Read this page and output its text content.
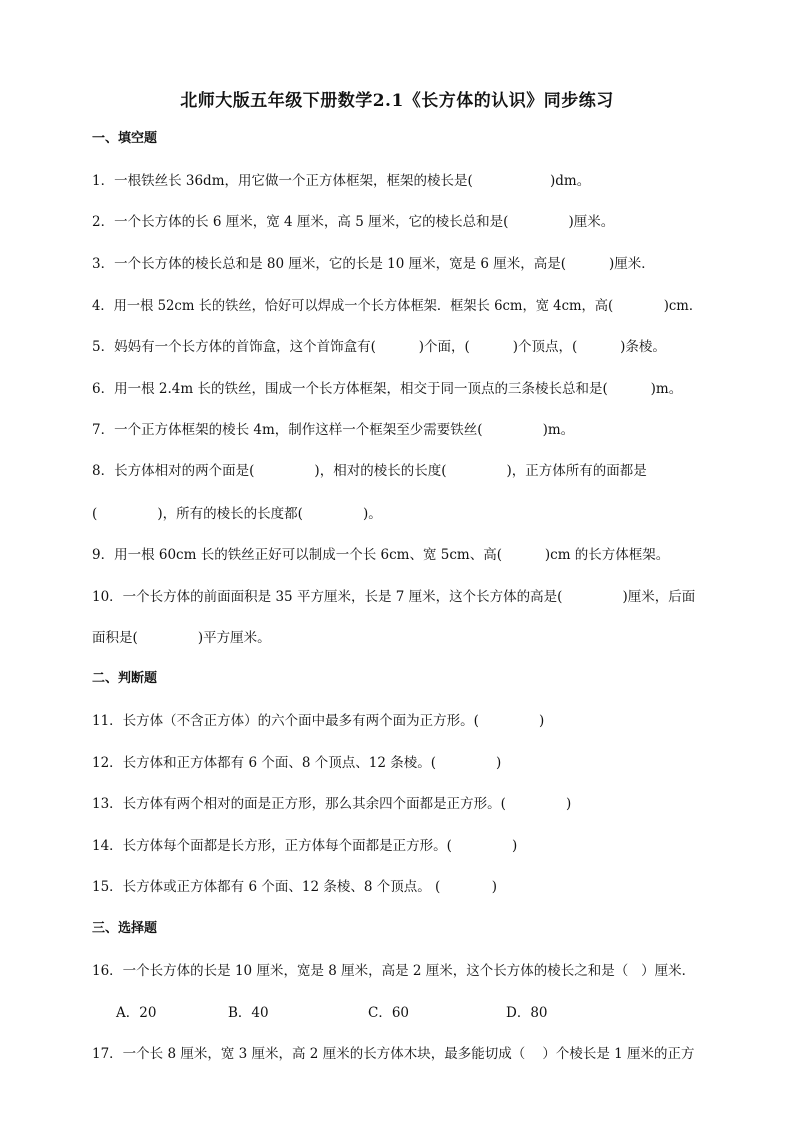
北师大版五年级下册数学2.1《长方体的认识》同步练习
一、填空题
1．一根铁丝长 36dm，用它做一个正方体框架，框架的棱长是(                  )dm。
2．一个长方体的长 6 厘米，宽 4 厘米，高 5 厘米，它的棱长总和是(              )厘米。
3．一个长方体的棱长总和是 80 厘米，它的长是 10 厘米，宽是 6 厘米，高是(          )厘米．
4．用一根 52cm 长的铁丝，恰好可以焊成一个长方体框架．框架长 6cm，宽 4cm，高(            )cm．
5．妈妈有一个长方体的首饰盒，这个首饰盒有(          )个面，(          )个顶点，(          )条棱。
6．用一根 2.4m 长的铁丝，围成一个长方体框架，相交于同一顶点的三条棱长总和是(          )m。
7．一个正方体框架的棱长 4m，制作这样一个框架至少需要铁丝(              )m。
8．长方体相对的两个面是(              )，相对的棱长的长度(              )，正方体所有的面都是
(              )，所有的棱长的长度都(              )。
9．用一根 60cm 长的铁丝正好可以制成一个长 6cm、宽 5cm、高(          )cm 的长方体框架。
10．一个长方体的前面面积是 35 平方厘米，长是 7 厘米，这个长方体的高是(              )厘米，后面
面积是(              )平方厘米。
二、判断题
11．长方体（不含正方体）的六个面中最多有两个面为正方形。(              )
12．长方体和正方体都有 6 个面、8 个顶点、12 条棱。(              )
13．长方体有两个相对的面是正方形，那么其余四个面都是正方形。(              )
14．长方体每个面都是长方形，正方体每个面都是正方形。(              )
15．长方体或正方体都有 6 个面、12 条棱、8 个顶点。 (            )
三、选择题
16．一个长方体的长是 10 厘米，宽是 8 厘米，高是 2 厘米，这个长方体的棱长之和是（   ）厘米．
A．20	B．40	C．60	D．80
17．一个长 8 厘米，宽 3 厘米，高 2 厘米的长方体木块，最多能切成（    ）个棱长是 1 厘米的正方
